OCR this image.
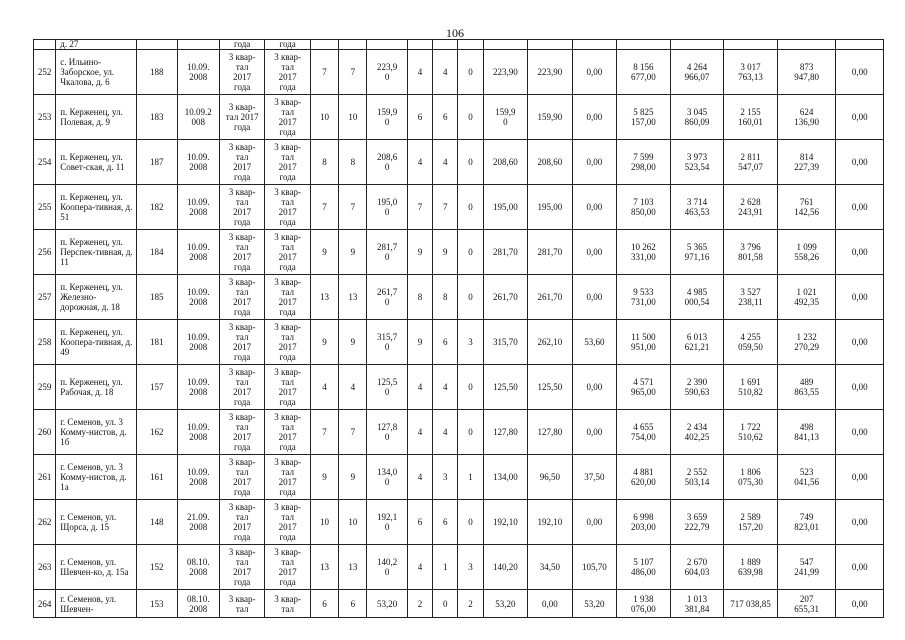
106
	д. 27			года	года														
252	с. Ильино-Заборское, ул. Чкалова, д. 6	188	10.09.
2008	3 квар-
тал
2017
года	3 квар-
тал
2017
года	7	7	223,9
0	4	4	0	223,90	223,90	0,00	8 156
677,00	4 264
966,07	3 017
763,13	873
947,80	0,00
253	п. Керженец, ул. Полевая, д. 9	183	10.09.2
008	3 квар-
тал 2017
года	3 квар-
тал
2017
года	10	10	159,9
0	6	6	0	159,9
0	159,90	0,00	5 825
157,00	3 045
860,09	2 155
160,01	624
136,90	0,00
254	п. Керженец, ул. Совет-ская, д. 11	187	10.09.
2008	3 квар-
тал
2017
года	3 квар-
тал
2017
года	8	8	208,6
0	4	4	0	208,60	208,60	0,00	7 599
298,00	3 973
523,54	2 811
547,07	814
227,39	0,00
255	п. Керженец, ул. Коопера-тивная, д. 51	182	10.09.
2008	3 квар-
тал
2017
года	3 квар-
тал
2017
года	7	7	195,0
0	7	7	0	195,00	195,00	0,00	7 103
850,00	3 714
463,53	2 628
243,91	761
142,56	0,00
256	п. Керженец, ул. Перспек-тивная, д. 11	184	10.09.
2008	3 квар-
тал
2017
года	3 квар-
тал
2017
года	9	9	281,7
0	9	9	0	281,70	281,70	0,00	10 262
331,00	5 365
971,16	3 796
801,58	1 099
558,26	0,00
257	п. Керженец, ул. Железно-дорожная, д. 18	185	10.09.
2008	3 квар-
тал
2017
года	3 квар-
тал
2017
года	13	13	261,7
0	8	8	0	261,70	261,70	0,00	9 533
731,00	4 985
000,54	3 527
238,11	1 021
492,35	0,00
258	п. Керженец, ул. Коопера-тивная, д. 49	181	10.09.
2008	3 квар-
тал
2017
года	3 квар-
тал
2017
года	9	9	315,7
0	9	6	3	315,70	262,10	53,60	11 500
951,00	6 013
621,21	4 255
059,50	1 232
270,29	0,00
259	п. Керженец, ул. Рабочая, д. 18	157	10.09.
2008	3 квар-
тал
2017
года	3 квар-
тал
2017
года	4	4	125,5
0	4	4	0	125,50	125,50	0,00	4 571
965,00	2 390
590,63	1 691
510,82	489
863,55	0,00
260	г. Семенов, ул. 3 Комму-нистов, д. 1б	162	10.09.
2008	3 квар-
тал
2017
года	3 квар-
тал
2017
года	7	7	127,8
0	4	4	0	127,80	127,80	0,00	4 655
754,00	2 434
402,25	1 722
510,62	498
841,13	0,00
261	г. Семенов, ул. 3 Комму-нистов, д. 1а	161	10.09.
2008	3 квар-
тал
2017
года	3 квар-
тал
2017
года	9	9	134,0
0	4	3	1	134,00	96,50	37,50	4 881
620,00	2 552
503,14	1 806
075,30	523
041,56	0,00
262	г. Семенов, ул. Щорса, д. 15	148	21.09.
2008	3 квар-
тал
2017
года	3 квар-
тал
2017
года	10	10	192,1
0	6	6	0	192,10	192,10	0,00	6 998
203,00	3 659
222,79	2 589
157,20	749
823,01	0,00
263	г. Семенов, ул. Шевчен-ко, д. 15а	152	08.10.
2008	3 квар-
тал
2017
года	3 квар-
тал
2017
года	13	13	140,2
0	4	1	3	140,20	34,50	105,70	5 107
486,00	2 670
604,03	1 889
639,98	547
241,99	0,00
264	г. Семенов, ул. Шевчен-	153	08.10.
2008	3 квар-
тал	3 квар-
тал	6	6	53,20	2	0	2	53,20	0,00	53,20	1 938
076,00	1 013
381,84	717 038,85	207
655,31	0,00
